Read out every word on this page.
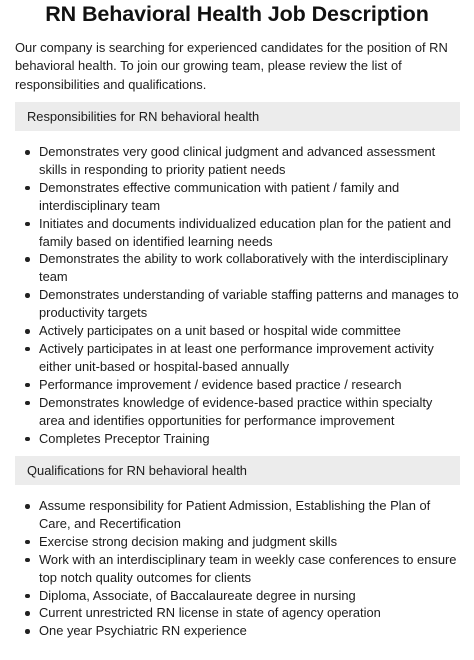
RN Behavioral Health Job Description

Our company is searching for experienced candidates for the position of RN behavioral health. To join our growing team, please review the list of responsibilities and qualifications.

Responsibilities for RN behavioral health
Demonstrates very good clinical judgment and advanced assessment skills in responding to priority patient needs
Demonstrates effective communication with patient / family and interdisciplinary team
Initiates and documents individualized education plan for the patient and family based on identified learning needs
Demonstrates the ability to work collaboratively with the interdisciplinary team
Demonstrates understanding of variable staffing patterns and manages to productivity targets
Actively participates on a unit based or hospital wide committee
Actively participates in at least one performance improvement activity either unit-based or hospital-based annually
Performance improvement / evidence based practice / research
Demonstrates knowledge of evidence-based practice within specialty area and identifies opportunities for performance improvement
Completes Preceptor Training
Qualifications for RN behavioral health
Assume responsibility for Patient Admission, Establishing the Plan of Care, and Recertification
Exercise strong decision making and judgment skills
Work with an interdisciplinary team in weekly case conferences to ensure top notch quality outcomes for clients
Diploma, Associate, of Baccalaureate degree in nursing
Current unrestricted RN license in state of agency operation
One year Psychiatric RN experience
